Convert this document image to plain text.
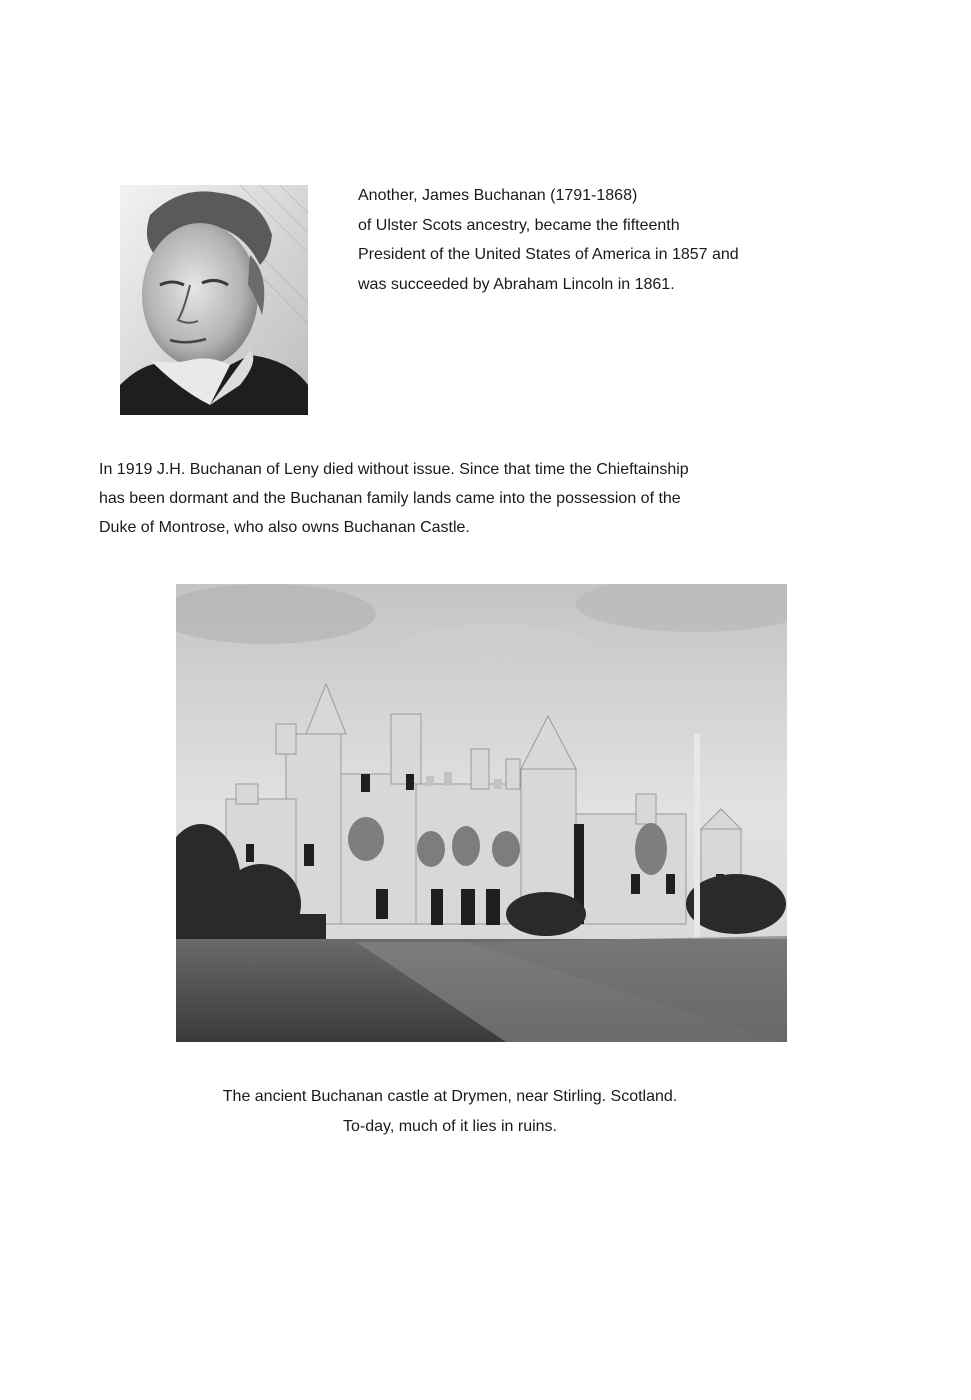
Another, James Buchanan (1791-1868)
of Ulster Scots ancestry, became the fifteenth
President of the United States of America in 1857 and
was succeeded by Abraham Lincoln in 1861.
In 1919 J.H. Buchanan of Leny died without issue. Since that time the Chieftainship
has been dormant and the Buchanan family lands came into the possession of the
Duke of Montrose, who also owns Buchanan Castle.
The ancient Buchanan castle at Drymen, near Stirling. Scotland.
To-day, much of it lies in ruins.
